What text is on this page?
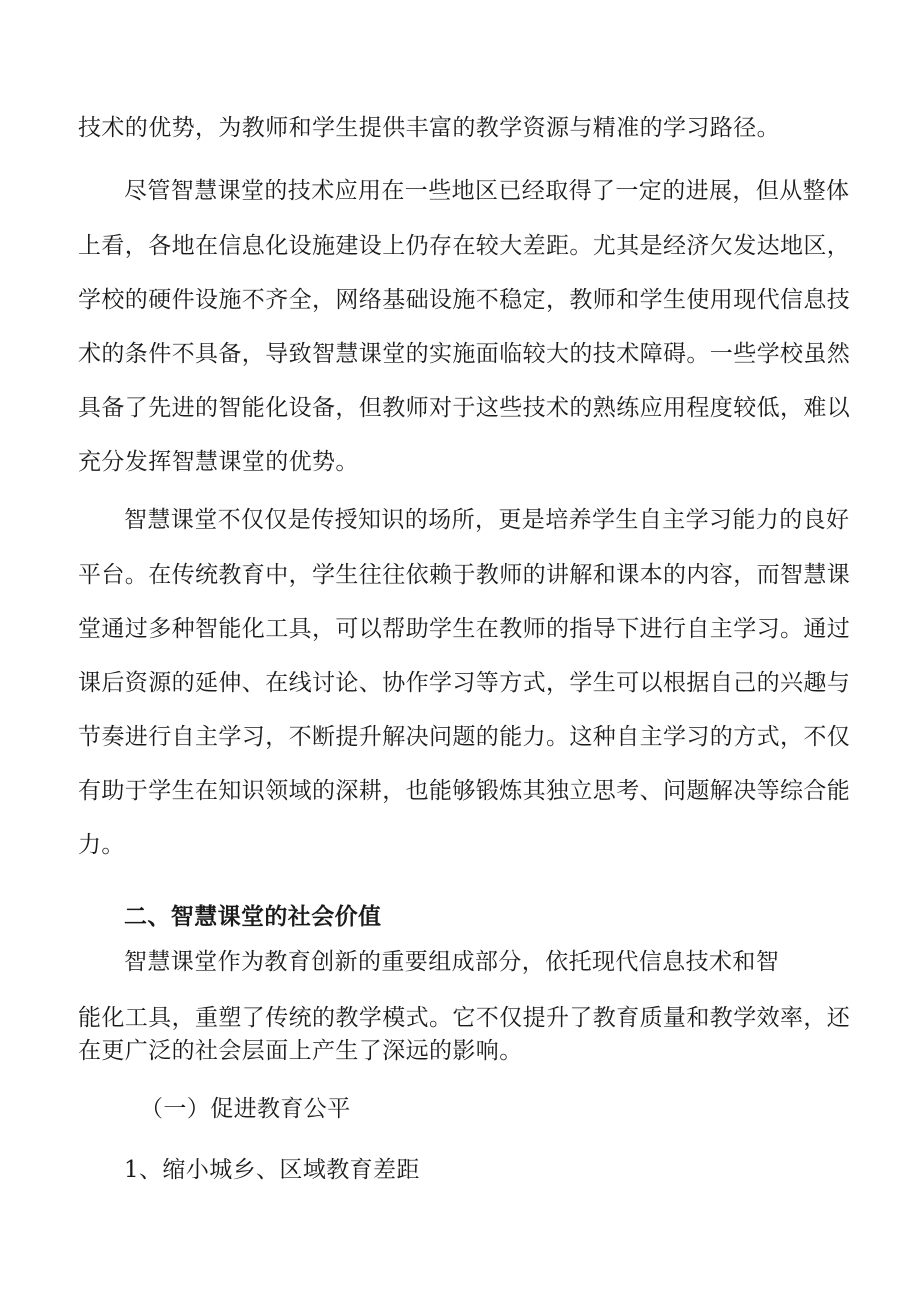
技术的优势，为教师和学生提供丰富的教学资源与精准的学习路径。
尽管智慧课堂的技术应用在一些地区已经取得了一定的进展，但从整体
上看，各地在信息化设施建设上仍存在较大差距。尤其是经济欠发达地区，
学校的硬件设施不齐全，网络基础设施不稳定，教师和学生使用现代信息技
术的条件不具备，导致智慧课堂的实施面临较大的技术障碍。一些学校虽然
具备了先进的智能化设备，但教师对于这些技术的熟练应用程度较低，难以
充分发挥智慧课堂的优势。
智慧课堂不仅仅是传授知识的场所，更是培养学生自主学习能力的良好
平台。在传统教育中，学生往往依赖于教师的讲解和课本的内容，而智慧课
堂通过多种智能化工具，可以帮助学生在教师的指导下进行自主学习。通过
课后资源的延伸、在线讨论、协作学习等方式，学生可以根据自己的兴趣与
节奏进行自主学习，不断提升解决问题的能力。这种自主学习的方式，不仅
有助于学生在知识领域的深耕，也能够锻炼其独立思考、问题解决等综合能
力。
二、智慧课堂的社会价值
智慧课堂作为教育创新的重要组成部分，依托现代信息技术和智
能化工具，重塑了传统的教学模式。它不仅提升了教育质量和教学效率，还
在更广泛的社会层面上产生了深远的影响。
（一）促进教育公平
1、缩小城乡、区域教育差距
